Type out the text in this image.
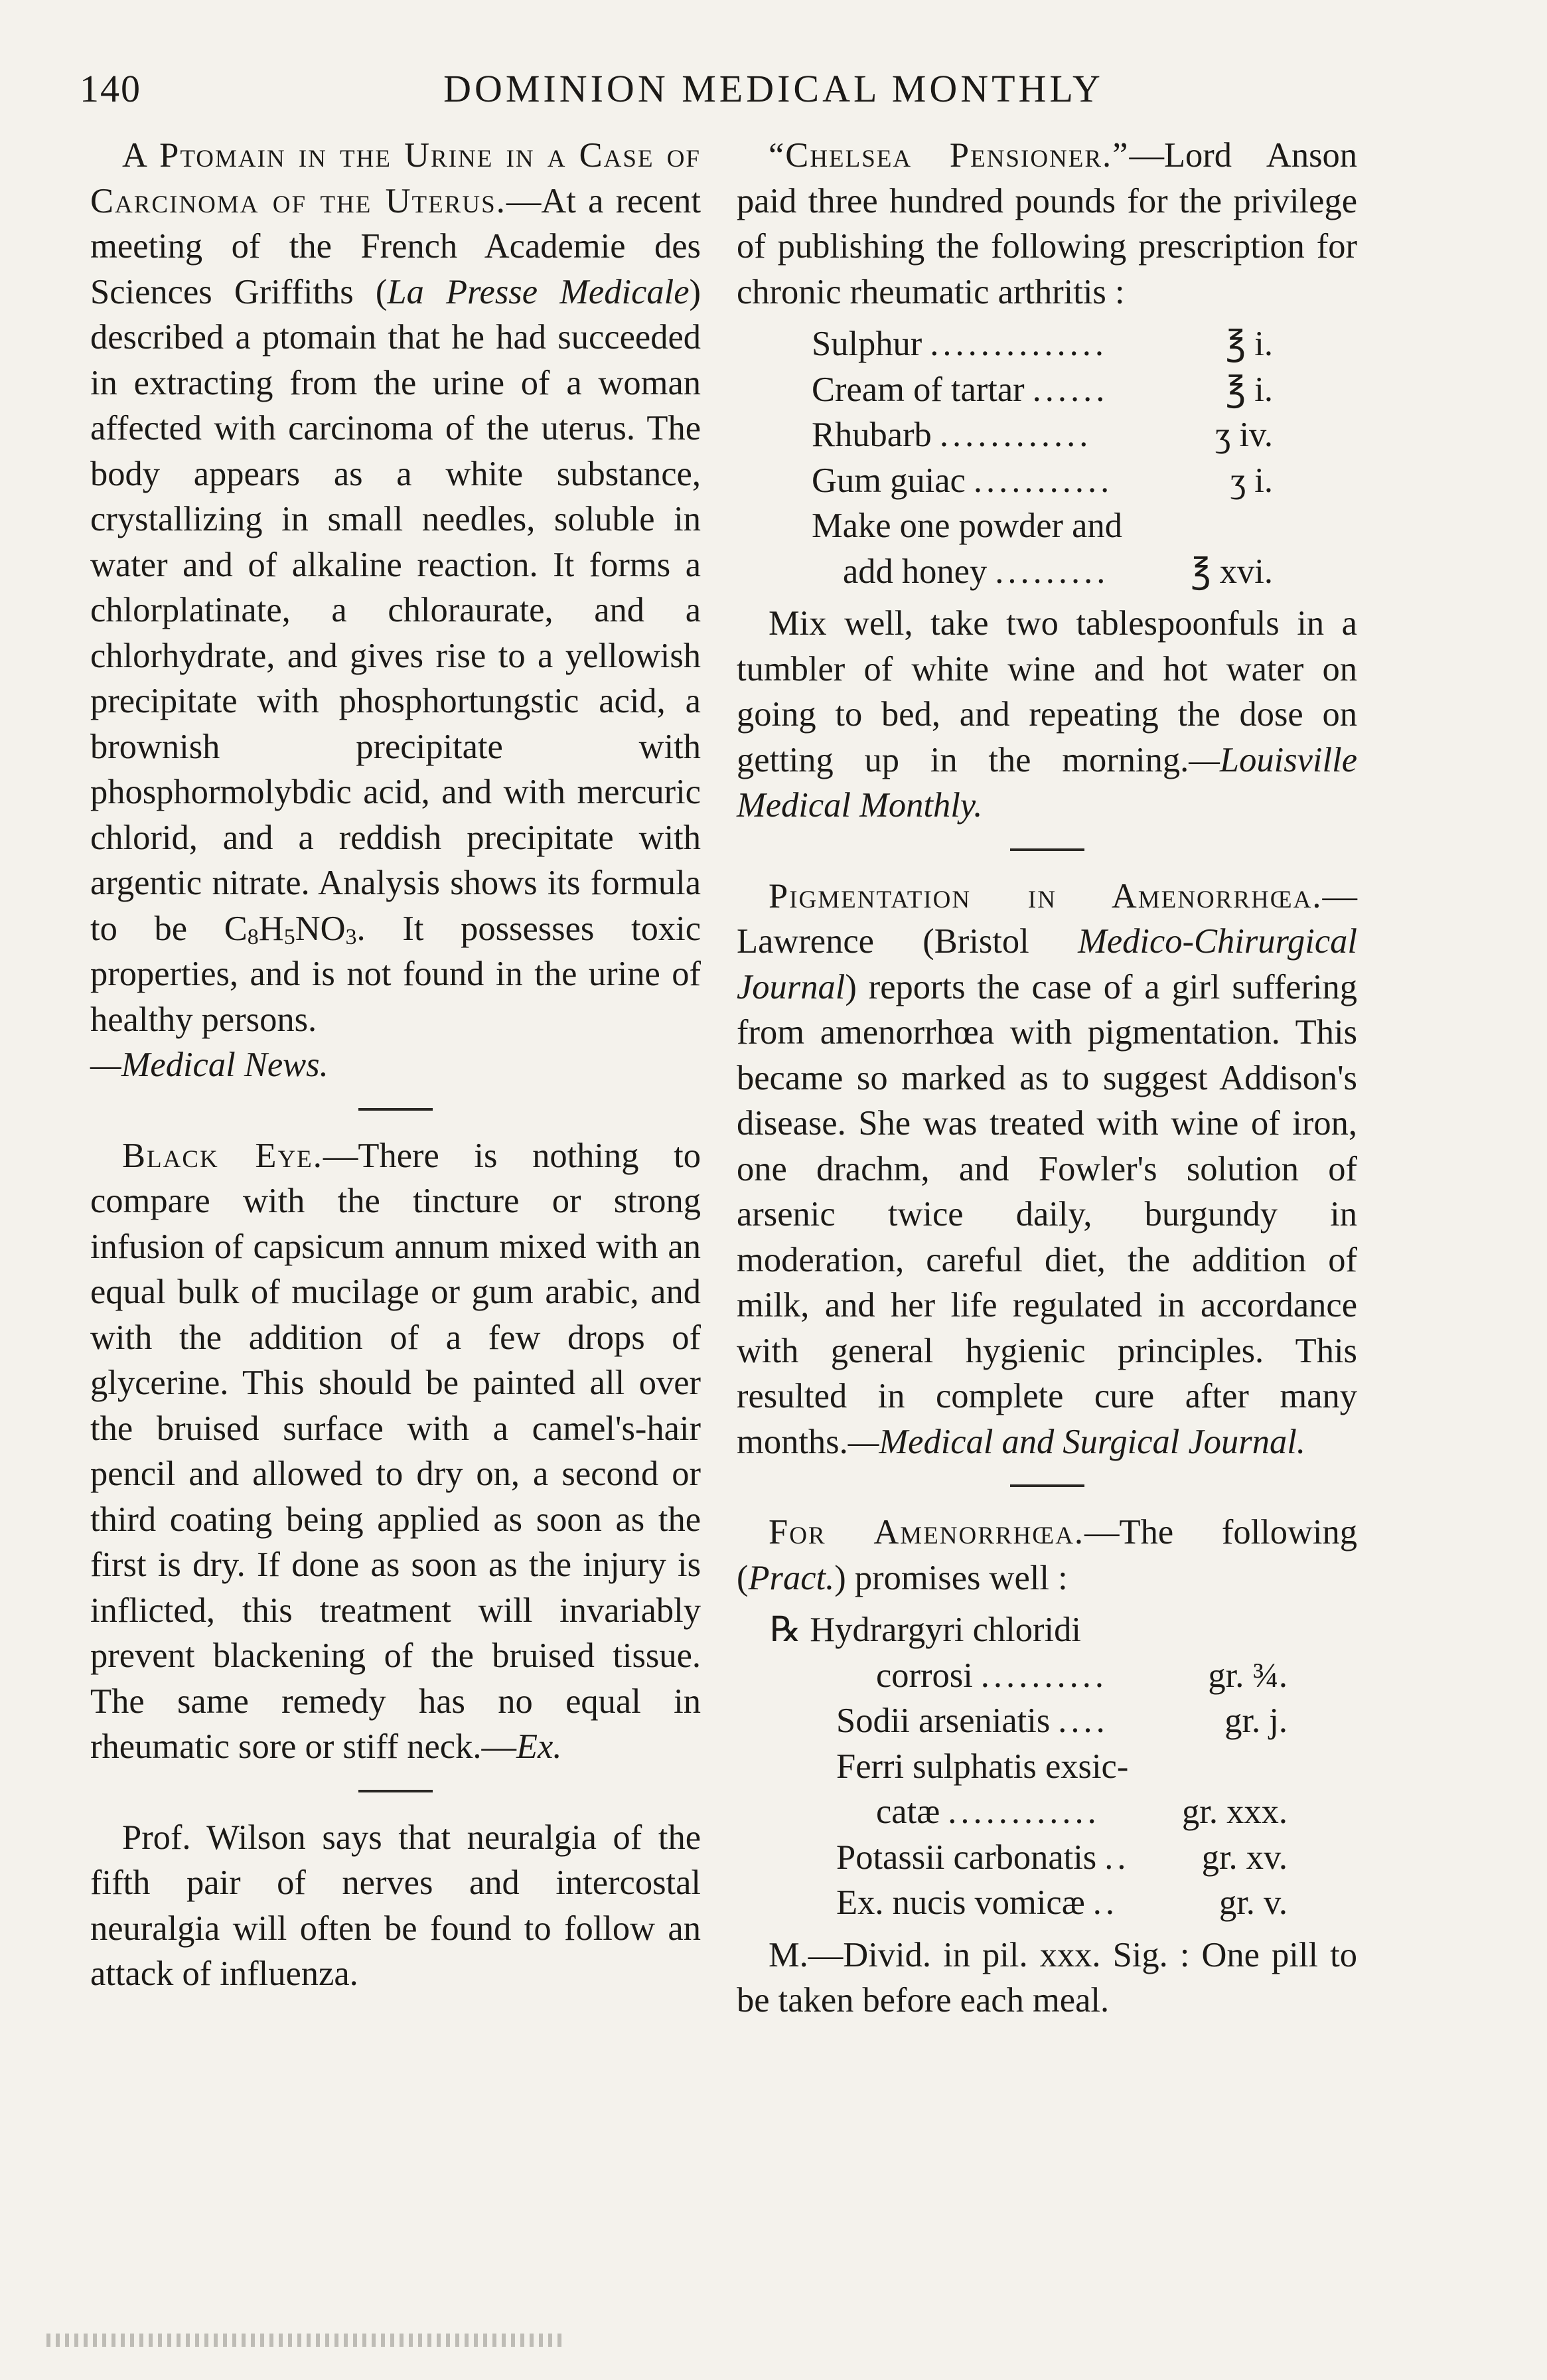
140	DOMINION MEDICAL MONTHLY

A Ptomain in the Urine in a Case of Carcinoma of the Uterus.—At a recent meeting of the French Academie des Sciences Griffiths (La Presse Medicale) described a ptomain that he had succeeded in extracting from the urine of a woman affected with carcinoma of the uterus. The body appears as a white substance, crystallizing in small needles, soluble in water and of alkaline reaction. It forms a chlorplatinate, a chloraurate, and a chlorhydrate, and gives rise to a yellowish precipitate with phosphortungstic acid, a brownish precipitate with phosphormolybdic acid, and with mercuric chlorid, and a reddish precipitate with argentic nitrate. Analysis shows its formula to be $C_8H_5NO_3$. It possesses toxic properties, and is not found in the urine of healthy persons.

—Medical News.

Black Eye.—There is nothing to compare with the tincture or strong infusion of capsicum annum mixed with an equal bulk of mucilage or gum arabic, and with the addition of a few drops of glycerine. This should be painted all over the bruised surface with a camel's-hair pencil and allowed to dry on, a second or third coating being applied as soon as the first is dry. If done as soon as the injury is inflicted, this treatment will invariably prevent blackening of the bruised tissue. The same remedy has no equal in rheumatic sore or stiff neck.—Ex.

Prof. Wilson says that neuralgia of the fifth pair of nerves and intercostal neuralgia will often be found to follow an attack of influenza.

“Chelsea Pensioner.”—Lord Anson paid three hundred pounds for the privilege of publishing the following prescription for chronic rheumatic arthritis :

Sulphur ..............	℥ i.
Cream of tartar ......	℥ i.
Rhubarb ............	ʒ iv.
Gum guiac ...........	ʒ i.
Make one powder and
add honey .........	℥ xvi.

Mix well, take two tablespoonfuls in a tumbler of white wine and hot water on going to bed, and repeating the dose on getting up in the morning.—Louisville Medical Monthly.

Pigmentation in Amenorrhœa.—Lawrence (Bristol Medico-Chirurgical Journal) reports the case of a girl suffering from amenorrhœa with pigmentation. This became so marked as to suggest Addison's disease. She was treated with wine of iron, one drachm, and Fowler's solution of arsenic twice daily, burgundy in moderation, careful diet, the addition of milk, and her life regulated in accordance with general hygienic principles. This resulted in complete cure after many months.—Medical and Surgical Journal.

For Amenorrhœa.—The following (Pract.) promises well :

℞ Hydrargyri chloridi
corrosi ..........	gr. ¾.
Sodii arseniatis ....	gr. j.
Ferri sulphatis exsic-
catæ ............	gr. xxx.
Potassii carbonatis ..	gr. xv.
Ex. nucis vomicæ ..	gr. v.

M.—Divid. in pil. xxx. Sig. : One pill to be taken before each meal.
